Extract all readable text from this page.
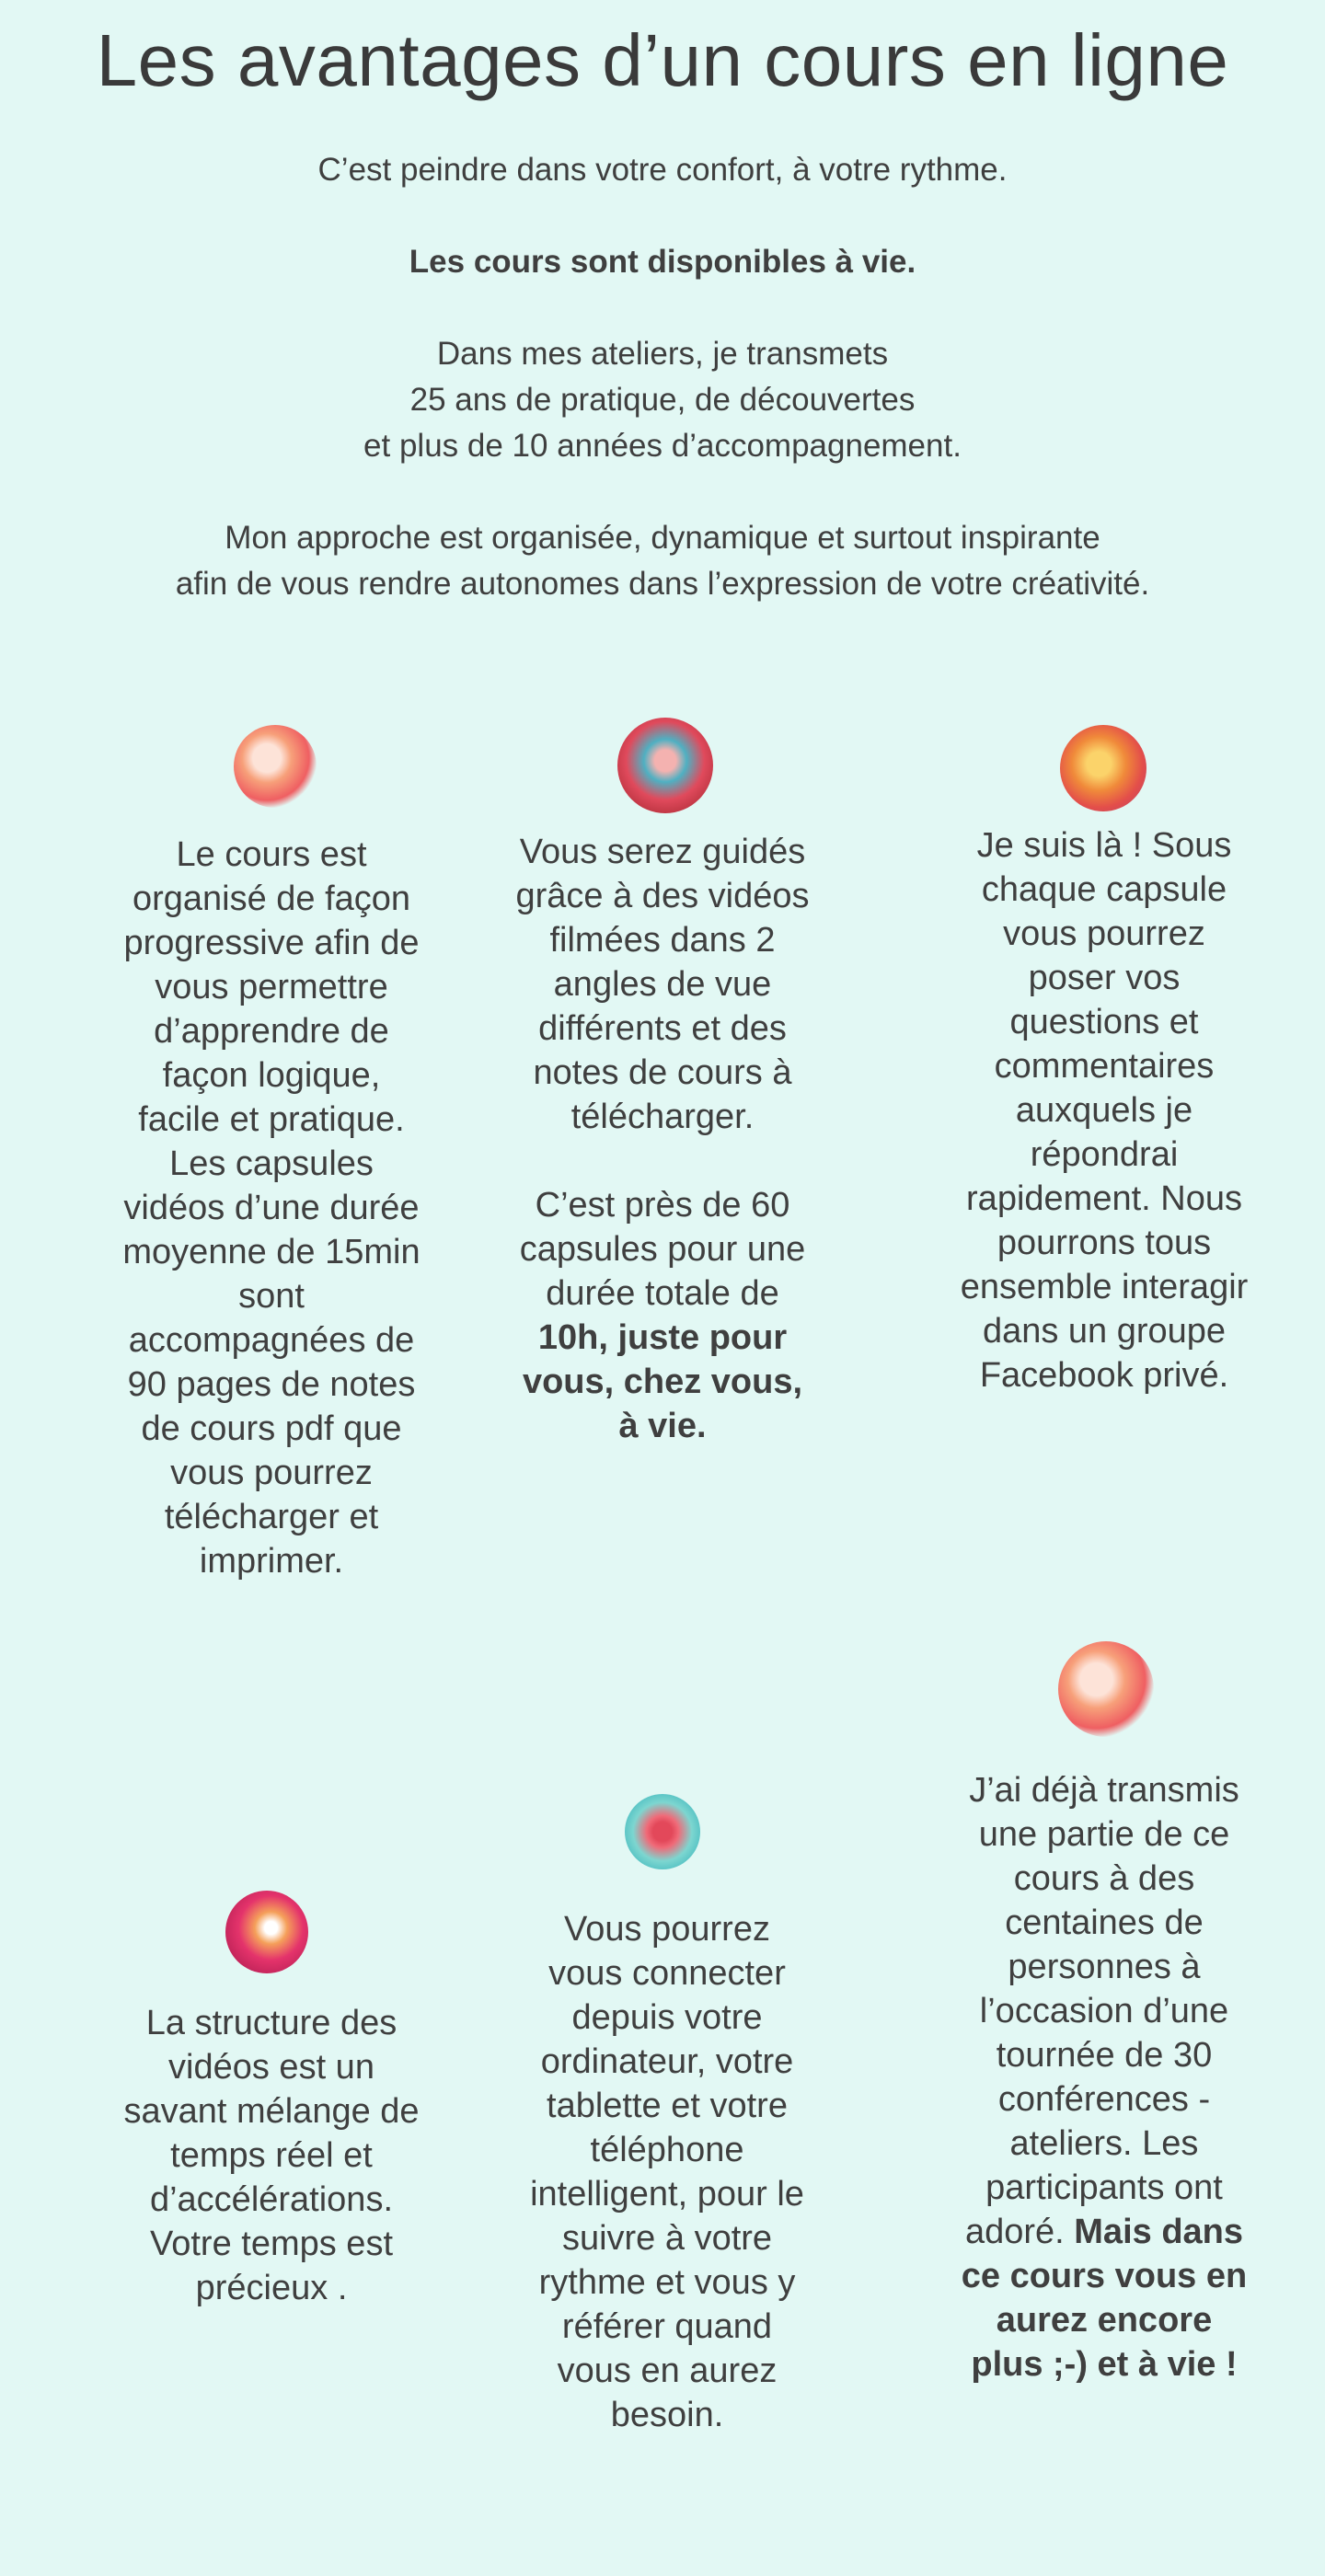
Les avantages d’un cours en ligne

C’est peindre dans votre confort, à votre rythme.

Les cours sont disponibles à vie.

Dans mes ateliers, je transmets
25 ans de pratique, de découvertes
et plus de 10 années d’accompagnement.

Mon approche est organisée, dynamique et surtout inspirante
afin de vous rendre autonomes dans l’expression de votre créativité.

Le cours est organisé de façon progressive afin de vous permettre d’apprendre de façon logique, facile et pratique. Les capsules vidéos d’une durée moyenne de 15min sont accompagnées de 90 pages de notes de cours pdf que vous pourrez télécharger et imprimer.

Vous serez guidés grâce à des vidéos filmées dans 2 angles de vue différents et des notes de cours à télécharger.

C’est près de 60 capsules pour une durée totale de 10h, juste pour vous, chez vous, à vie.

Je suis là ! Sous chaque capsule vous pourrez poser vos questions et commentaires auxquels je répondrai rapidement. Nous pourrons tous ensemble interagir dans un groupe Facebook privé.

La structure des vidéos est un savant mélange de temps réel et d’accélérations. Votre temps est précieux .

Vous pourrez vous connecter depuis votre ordinateur, votre tablette et votre téléphone intelligent, pour le suivre à votre rythme et vous y référer quand vous en aurez besoin.

J’ai déjà transmis une partie de ce cours à des centaines de personnes à l’occasion d’une tournée de 30 conférences - ateliers. Les participants ont adoré. Mais dans ce cours vous en aurez encore plus ;-) et à vie !
